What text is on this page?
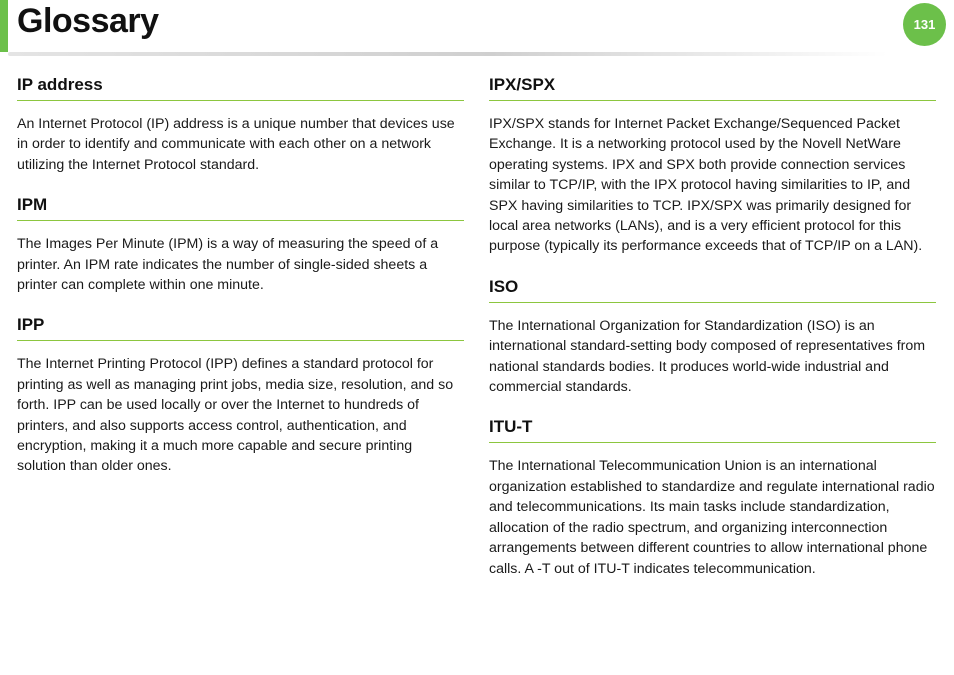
Glossary	131
IP address

An Internet Protocol (IP) address is a unique number that devices use in order to identify and communicate with each other on a network utilizing the Internet Protocol standard.

IPM

The Images Per Minute (IPM) is a way of measuring the speed of a printer. An IPM rate indicates the number of single-sided sheets a printer can complete within one minute.

IPP

The Internet Printing Protocol (IPP) defines a standard protocol for printing as well as managing print jobs, media size, resolution, and so forth. IPP can be used locally or over the Internet to hundreds of printers, and also supports access control, authentication, and encryption, making it a much more capable and secure printing solution than older ones.

IPX/SPX

IPX/SPX stands for Internet Packet Exchange/Sequenced Packet Exchange. It is a networking protocol used by the Novell NetWare operating systems. IPX and SPX both provide connection services similar to TCP/IP, with the IPX protocol having similarities to IP, and SPX having similarities to TCP. IPX/SPX was primarily designed for local area networks (LANs), and is a very efficient protocol for this purpose (typically its performance exceeds that of TCP/IP on a LAN).

ISO

The International Organization for Standardization (ISO) is an international standard-setting body composed of representatives from national standards bodies. It produces world-wide industrial and commercial standards.

ITU-T

The International Telecommunication Union is an international organization established to standardize and regulate international radio and telecommunications. Its main tasks include standardization, allocation of the radio spectrum, and organizing interconnection arrangements between different countries to allow international phone calls. A -T out of ITU-T indicates telecommunication.
